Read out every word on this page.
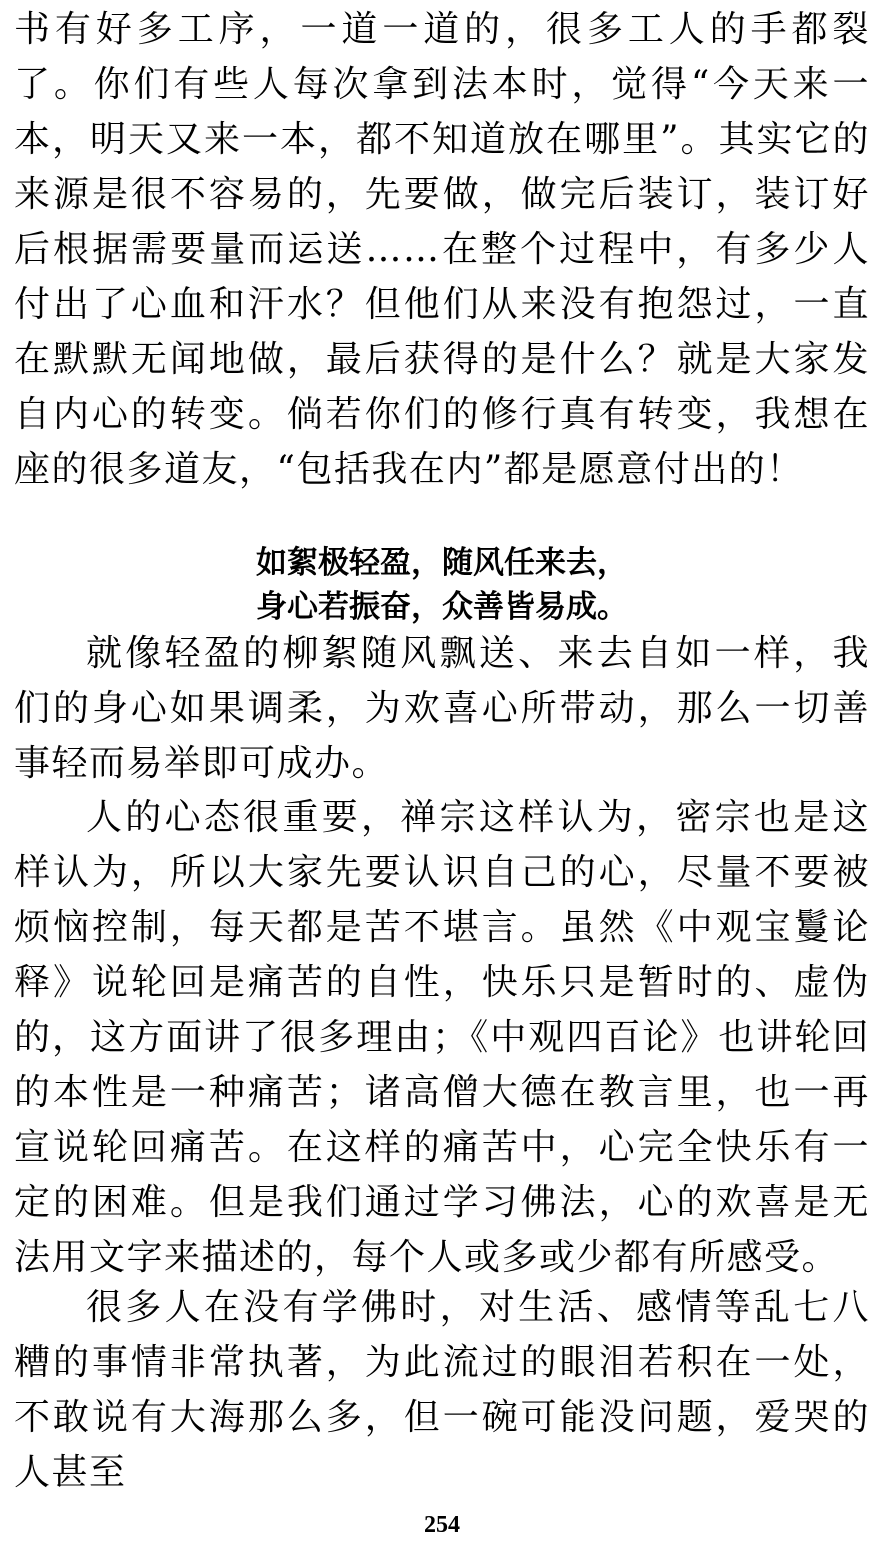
书有好多工序，一道一道的，很多工人的手都裂了。你们有些人每次拿到法本时，觉得“今天来一本，明天又来一本，都不知道放在哪里”。其实它的来源是很不容易的，先要做，做完后装订，装订好后根据需要量而运送……在整个过程中，有多少人付出了心血和汗水？但他们从来没有抱怨过，一直在默默无闻地做，最后获得的是什么？就是大家发自内心的转变。倘若你们的修行真有转变，我想在座的很多道友，“包括我在内”都是愿意付出的！

如絮极轻盈，随风任来去，

身心若振奋，众善皆易成。

就像轻盈的柳絮随风飘送、来去自如一样，我们的身心如果调柔，为欢喜心所带动，那么一切善事轻而易举即可成办。

人的心态很重要，禅宗这样认为，密宗也是这样认为，所以大家先要认识自己的心，尽量不要被烦恼控制，每天都是苦不堪言。虽然《中观宝鬘论释》说轮回是痛苦的自性，快乐只是暂时的、虚伪的，这方面讲了很多理由；《中观四百论》也讲轮回的本性是一种痛苦；诸高僧大德在教言里，也一再宣说轮回痛苦。在这样的痛苦中，心完全快乐有一定的困难。但是我们通过学习佛法，心的欢喜是无法用文字来描述的，每个人或多或少都有所感受。

很多人在没有学佛时，对生活、感情等乱七八糟的事情非常执著，为此流过的眼泪若积在一处，不敢说有大海那么多，但一碗可能没问题，爱哭的人甚至

254
